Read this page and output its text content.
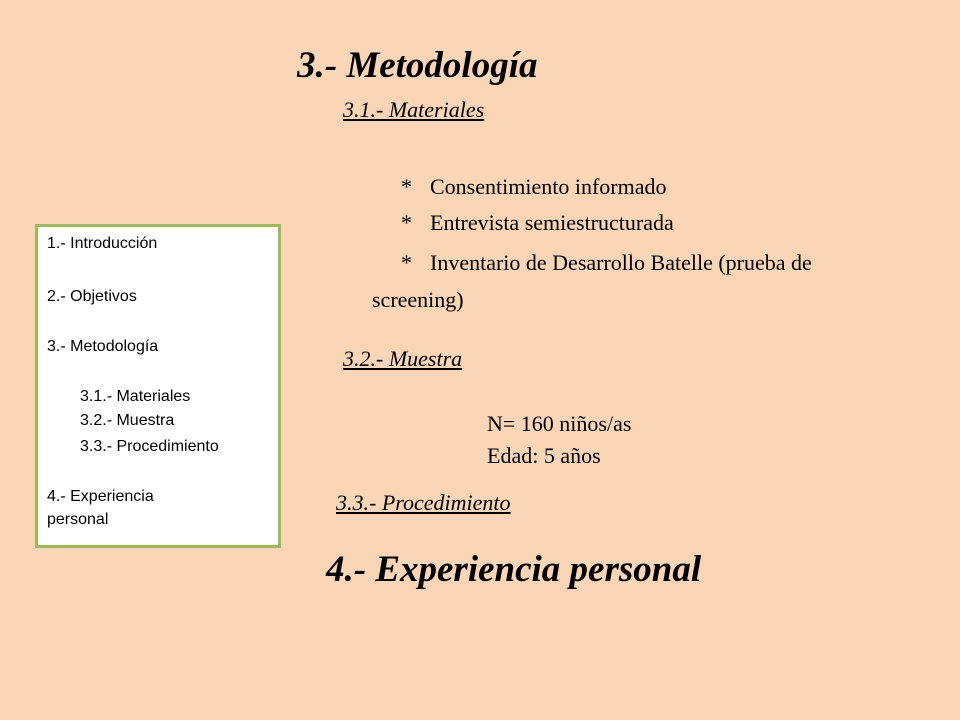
3.- Metodología
3.1.- Materiales
* Consentimiento informado
* Entrevista semiestructurada
* Inventario de Desarrollo Batelle (prueba de
screening)
3.2.- Muestra
N= 160 niños/as
Edad: 5 años
3.3.- Procedimiento
4.- Experiencia personal
1.- Introducción
2.- Objetivos
3.- Metodología
3.1.- Materiales
3.2.- Muestra
3.3.- Procedimiento
4.- Experiencia
personal
